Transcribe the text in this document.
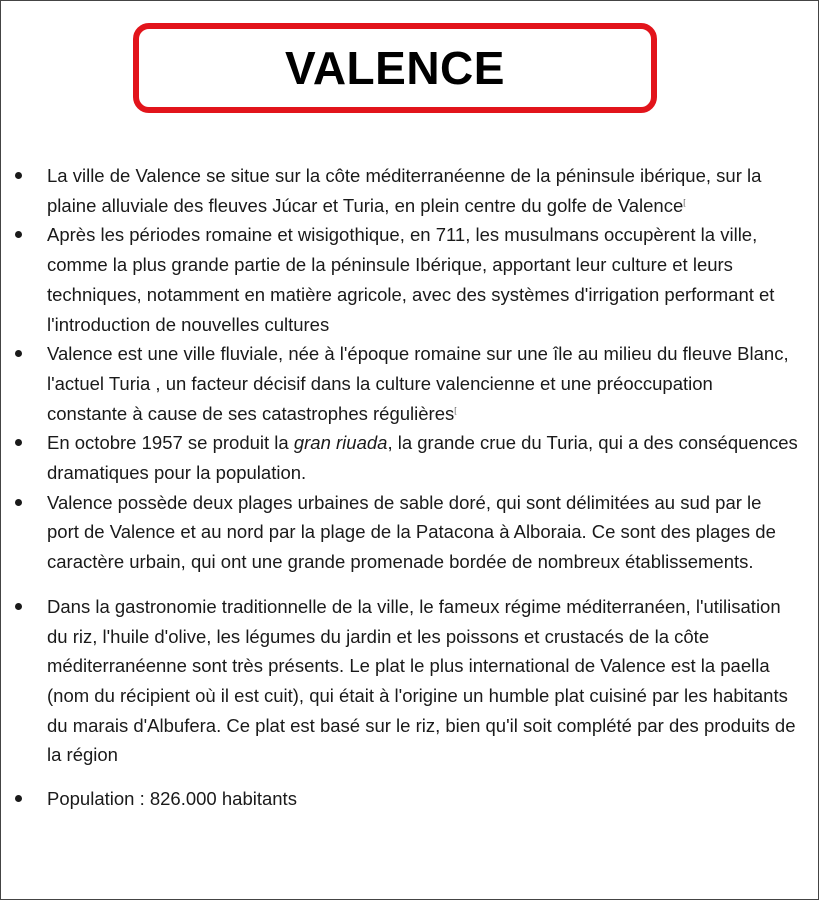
VALENCE
La ville de Valence se situe sur la côte méditerranéenne de la péninsule ibérique, sur la plaine alluviale des fleuves Júcar et Turia, en plein centre du golfe de Valence[
Après les périodes romaine et wisigothique, en 711, les musulmans occupèrent la ville, comme la plus grande partie de la péninsule Ibérique, apportant leur culture et leurs techniques, notamment en matière agricole, avec des systèmes d'irrigation performant et l'introduction de nouvelles cultures
Valence est une ville fluviale, née à l'époque romaine sur une île au milieu du fleuve Blanc, l'actuel Turia , un facteur décisif dans la culture valencienne et une préoccupation constante à cause de ses catastrophes régulières[
En octobre 1957 se produit la gran riuada, la grande crue du Turia, qui a des conséquences dramatiques pour la population.
Valence possède deux plages urbaines de sable doré, qui sont délimitées au sud par le port de Valence et au nord par la plage de la Patacona à Alboraia. Ce sont des plages de caractère urbain, qui ont une grande promenade bordée de nombreux établissements.
Dans la gastronomie traditionnelle de la ville, le fameux régime méditerranéen, l'utilisation du riz, l'huile d'olive, les légumes du jardin et les poissons et crustacés de la côte méditerranéenne sont très présents. Le plat le plus international de Valence est la paella (nom du récipient où il est cuit), qui était à l'origine un humble plat cuisiné par les habitants du marais d'Albufera. Ce plat est basé sur le riz, bien qu'il soit complété par des produits de la région
Population : 826.000 habitants
